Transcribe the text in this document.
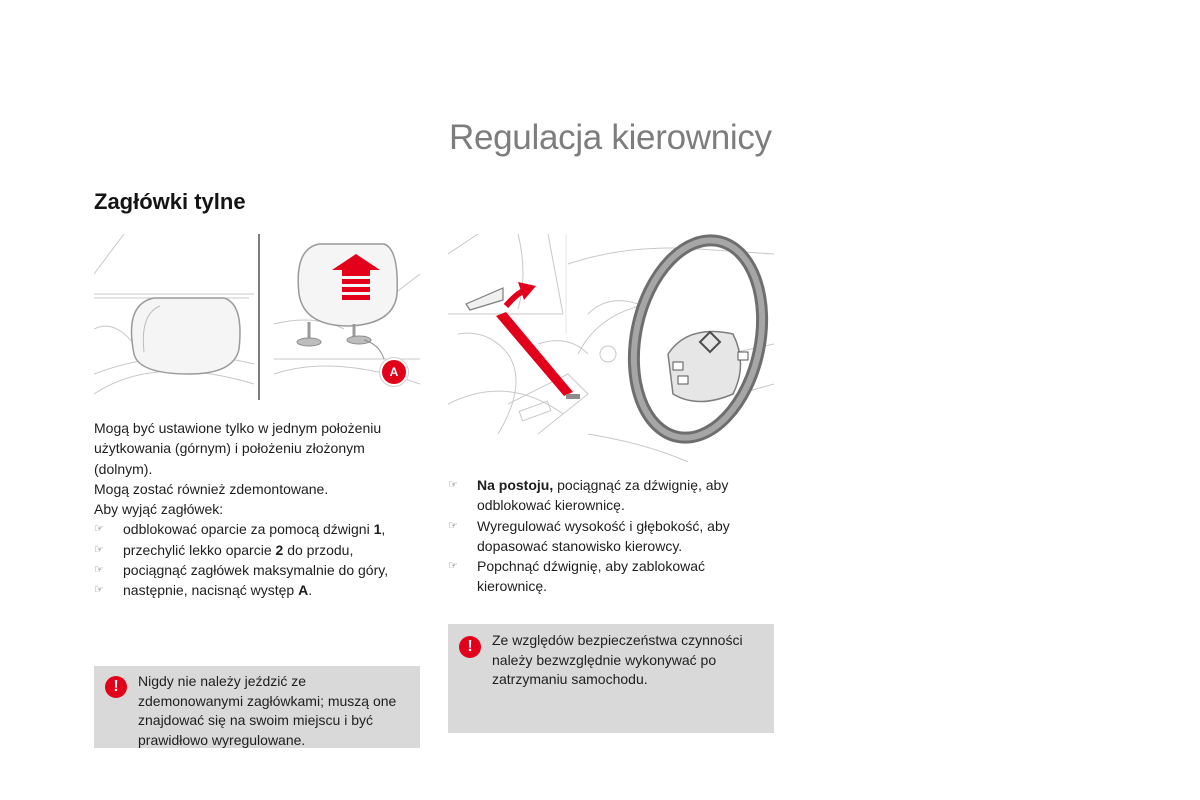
Regulacja kierownicy
Zagłówki tylne
A

Mogą być ustawione tylko w jednym położeniu użytkowania (górnym) i położeniu złożonym (dolnym).

Mogą zostać również zdemontowane.

Aby wyjąć zagłówek:

☞	odblokować oparcie za pomocą dźwigni 1,
☞	przechylić lekko oparcie 2 do przodu,
☞	pociągnąć zagłówek maksymalnie do góry,
☞	następnie, nacisnąć występ A.
☞	Na postoju, pociągnąć za dźwignię, aby odblokować kierownicę.
☞	Wyregulować wysokość i głębokość, aby dopasować stanowisko kierowcy.
☞	Popchnąć dźwignię, aby zablokować kierownicę.
!	Nigdy nie należy jeździć ze zdemonowanymi zagłówkami; muszą one znajdować się na swoim miejscu i być prawidłowo wyregulowane.
!	Ze względów bezpieczeństwa czynności należy bezwzględnie wykonywać po zatrzymaniu samochodu.
